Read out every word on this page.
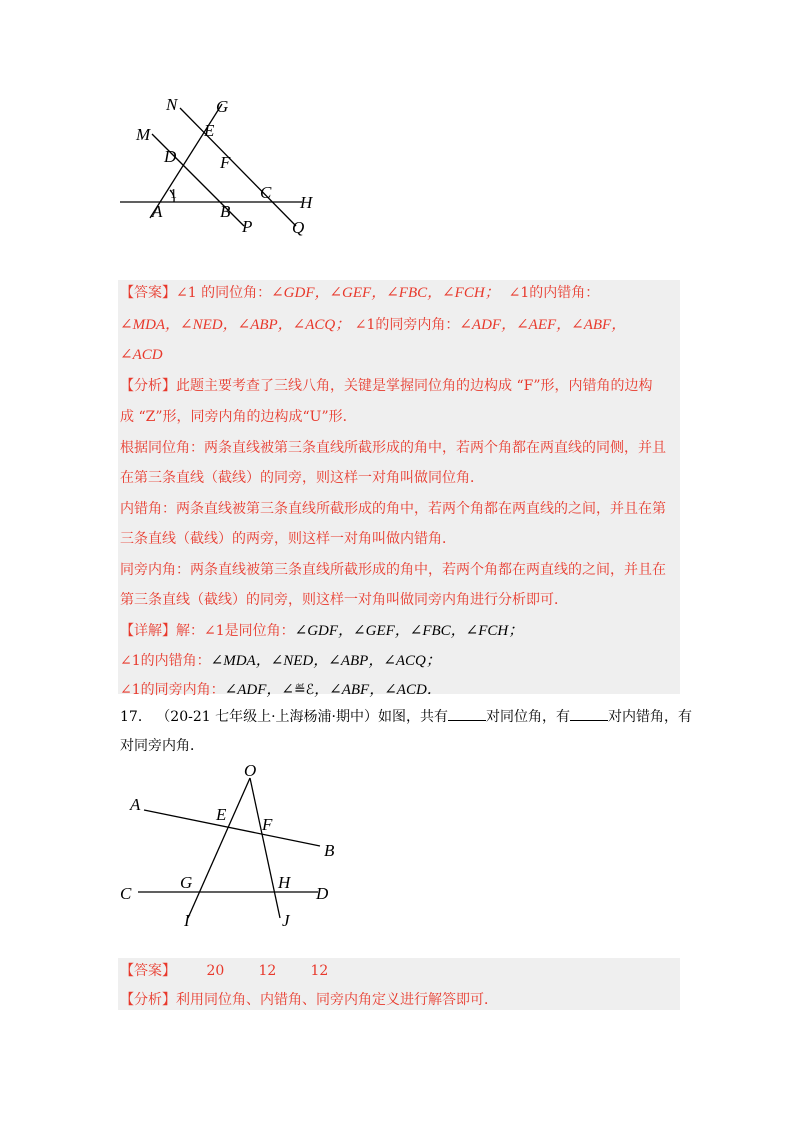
N G
M	E
D	F
C
H
A	B
P Q
1
【答案】∠1 的同位角：∠GDF，∠GEF，∠FBC，∠FCH； ∠1的内错角：
∠MDA，∠NED，∠ABP，∠ACQ； ∠1的同旁内角：∠ADF，∠AEF，∠ABF，
∠ACD
【分析】此题主要考查了三线八角，关键是掌握同位角的边构成 “F”形，内错角的边构
成 “Z”形，同旁内角的边构成“U”形．
根据同位角：两条直线被第三条直线所截形成的角中，若两个角都在两直线的同侧，并且
在第三条直线（截线）的同旁，则这样一对角叫做同位角．
内错角：两条直线被第三条直线所截形成的角中，若两个角都在两直线的之间，并且在第
三条直线（截线）的两旁，则这样一对角叫做内错角．
同旁内角：两条直线被第三条直线所截形成的角中，若两个角都在两直线的之间，并且在
第三条直线（截线）的同旁，则这样一对角叫做同旁内角进行分析即可．
【详解】解：∠1是同位角：∠GDF，∠GEF，∠FBC，∠FCH；
∠1的内错角：∠MDA，∠NED，∠ABP，∠ACQ；
∠1的同旁内角：∠ADF，∠≝ℰ，∠ABF，∠ACD．
17． （20-21 七年级上·上海杨浦·期中）如图，共有	对同位角，有	对内错角，有
对同旁内角．
O
A
E
F
B
C
G	H
D
I	J
【答案】 20 12 12
【分析】利用同位角、内错角、同旁内角定义进行解答即可．
